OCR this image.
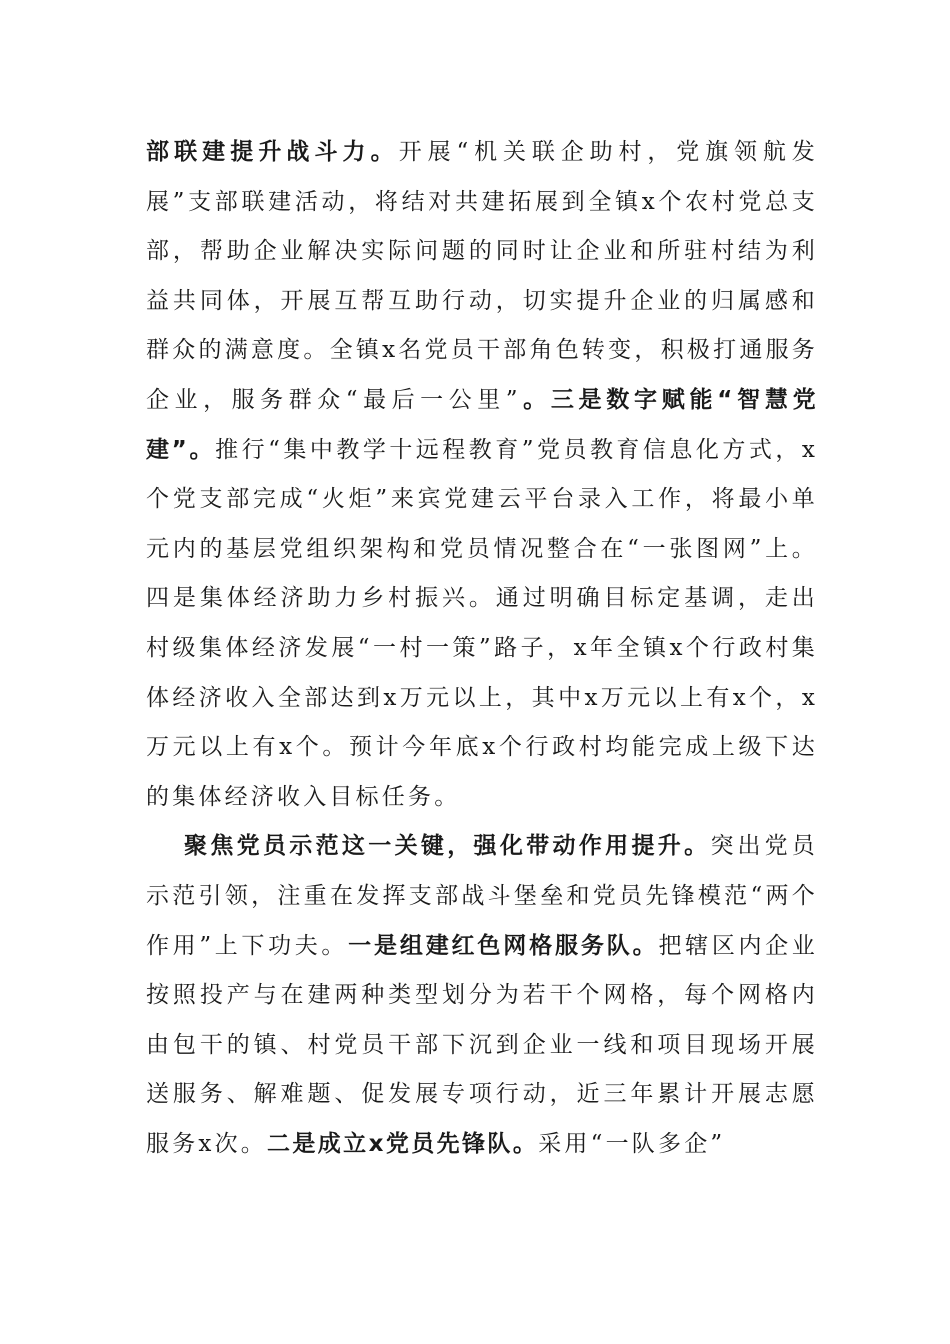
部联建提升战斗力。开展“机关联企助村，党旗领航发展”支部联建活动，将结对共建拓展到全镇x个农村党总支部，帮助企业解决实际问题的同时让企业和所驻村结为利益共同体，开展互帮互助行动，切实提升企业的归属感和群众的满意度。全镇x名党员干部角色转变，积极打通服务企业，服务群众“最后一公里”。三是数字赋能“智慧党建”。推行“集中教学十远程教育”党员教育信息化方式，x个党支部完成“火炬”来宾党建云平台录入工作，将最小单元内的基层党组织架构和党员情况整合在“一张图网”上。四是集体经济助力乡村振兴。通过明确目标定基调，走出村级集体经济发展“一村一策”路子，x年全镇x个行政村集体经济收入全部达到x万元以上，其中x万元以上有x个，x万元以上有x个。预计今年底x个行政村均能完成上级下达的集体经济收入目标任务。

聚焦党员示范这一关键，强化带动作用提升。突出党员示范引领，注重在发挥支部战斗堡垒和党员先锋模范“两个作用”上下功夫。一是组建红色网格服务队。把辖区内企业按照投产与在建两种类型划分为若干个网格，每个网格内由包干的镇、村党员干部下沉到企业一线和项目现场开展送服务、解难题、促发展专项行动，近三年累计开展志愿服务x次。二是成立x党员先锋队。采用“一队多企”
